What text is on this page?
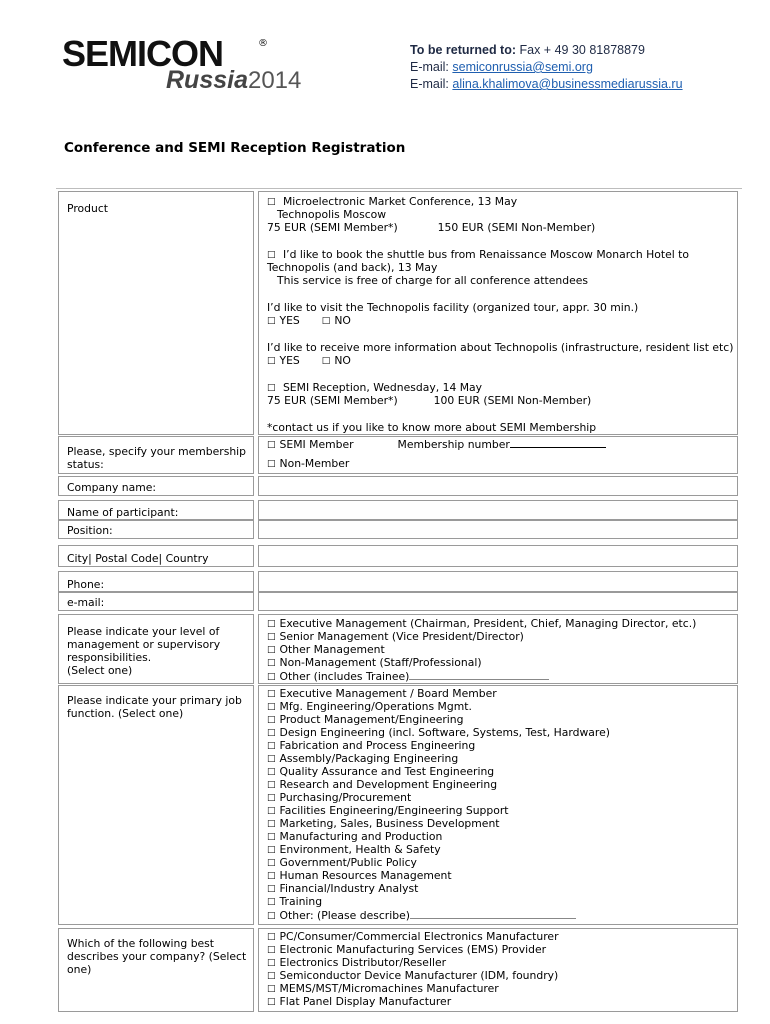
SEMICON	®
Russia2014
To be returned to: Fax + 49 30 81878879
E-mail: semiconrussia@semi.org
E-mail: alina.khalimova@businessmediarussia.ru
Conference and SEMI Reception Registration
Product	□ Microelectronic Market Conference, 13 May
Technopolis Moscow
75 EUR (SEMI Member*)	150 EUR (SEMI Non-Member)
□ I’d like to book the shuttle bus from Renaissance Moscow Monarch Hotel to
Technopolis (and back), 13 May
This service is free of charge for all conference attendees
I’d like to visit the Technopolis facility (organized tour, appr. 30 min.)
□ YES □ NO
I’d like to receive more information about Technopolis (infrastructure, resident list etc)
□ YES □ NO
□ SEMI Reception, Wednesday, 14 May
75 EUR (SEMI Member*)	100 EUR (SEMI Non-Member)
*contact us if you like to know more about SEMI Membership
Please, specify your membership
status:
□ SEMI Member	Membership number
□ Non-Member
Company name:
Name of participant:
Position:
City| Postal Code| Country
Phone:
e-mail:
Please indicate your level of
management or supervisory
responsibilities.
(Select one)
□ Executive Management (Chairman, President, Chief, Managing Director, etc.)
□ Senior Management (Vice President/Director)
□ Other Management
□ Non-Management (Staff/Professional)
□ Other (includes Trainee)
Please indicate your primary job
function. (Select one)
□ Executive Management / Board Member
□ Mfg. Engineering/Operations Mgmt.
□ Product Management/Engineering
□ Design Engineering (incl. Software, Systems, Test, Hardware)
□ Fabrication and Process Engineering
□ Assembly/Packaging Engineering
□ Quality Assurance and Test Engineering
□ Research and Development Engineering
□ Purchasing/Procurement
□ Facilities Engineering/Engineering Support
□ Marketing, Sales, Business Development
□ Manufacturing and Production
□ Environment, Health & Safety
□ Government/Public Policy
□ Human Resources Management
□ Financial/Industry Analyst
□ Training
□ Other: (Please describe)
Which of the following best
describes your company? (Select
one)
□ PC/Consumer/Commercial Electronics Manufacturer
□ Electronic Manufacturing Services (EMS) Provider
□ Electronics Distributor/Reseller
□ Semiconductor Device Manufacturer (IDM, foundry)
□ MEMS/MST/Micromachines Manufacturer
□ Flat Panel Display Manufacturer
